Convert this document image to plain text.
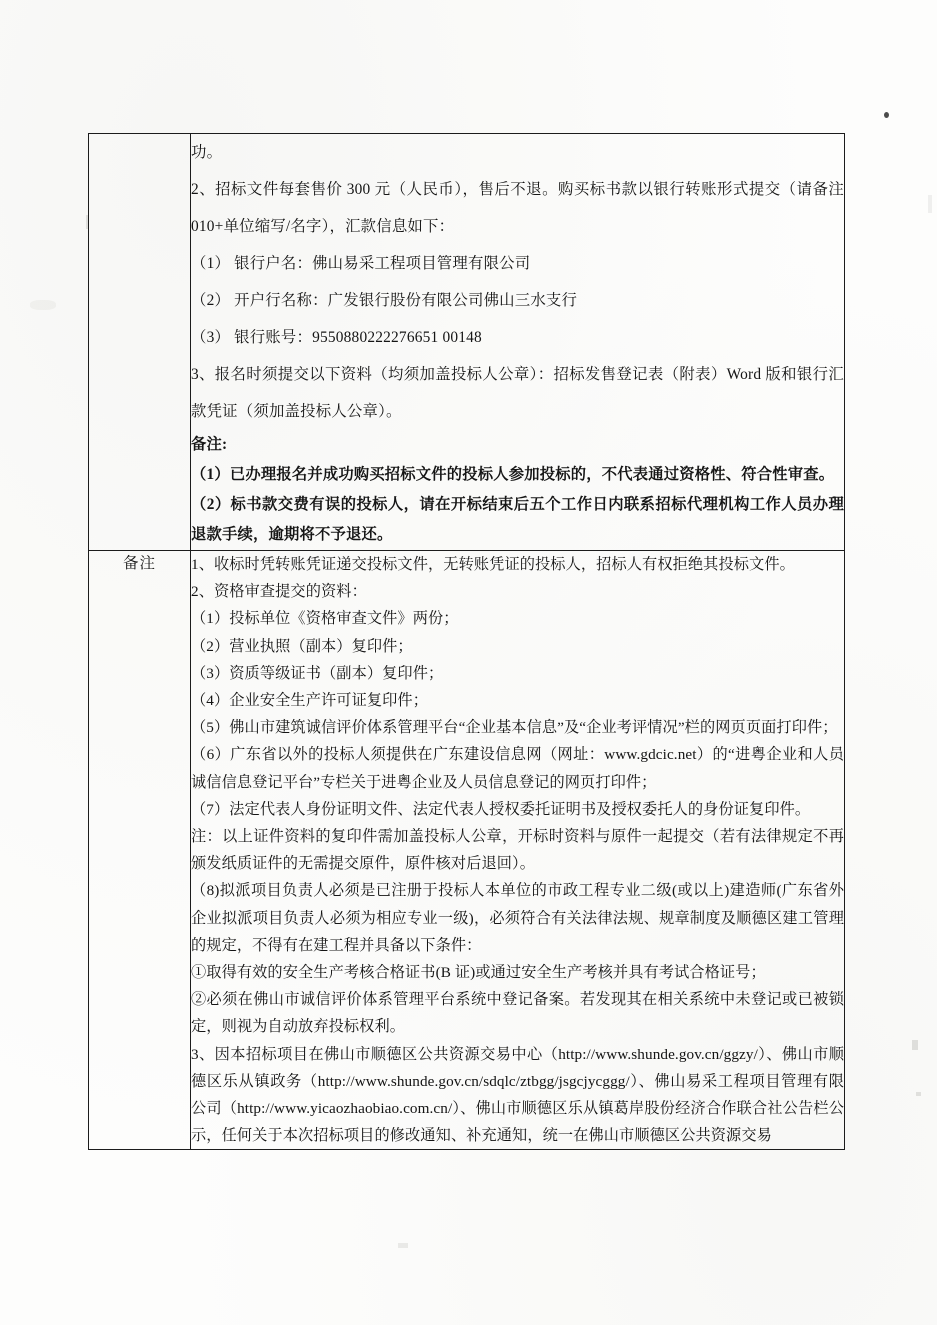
功。

2、招标文件每套售价 300 元（人民币），售后不退。购买标书款以银行转账形式提交（请备注 010+单位缩写/名字），汇款信息如下：

（1） 银行户名：佛山易采工程项目管理有限公司

（2） 开户行名称：广发银行股份有限公司佛山三水支行

（3） 银行账号：9550880222276651 00148

3、报名时须提交以下资料（均须加盖投标人公章）：招标发售登记表（附表）Word 版和银行汇款凭证（须加盖投标人公章）。

备注:

（1）已办理报名并成功购买招标文件的投标人参加投标的，不代表通过资格性、符合性审查。

（2）标书款交费有误的投标人，请在开标结束后五个工作日内联系招标代理机构工作人员办理退款手续，逾期将不予退还。

备注	1、收标时凭转账凭证递交投标文件，无转账凭证的投标人，招标人有权拒绝其投标文件。

2、资格审查提交的资料：

（1）投标单位《资格审查文件》两份；

（2）营业执照（副本）复印件；

（3）资质等级证书（副本）复印件；

（4）企业安全生产许可证复印件；

（5）佛山市建筑诚信评价体系管理平台“企业基本信息”及“企业考评情况”栏的网页页面打印件；

（6）广东省以外的投标人须提供在广东建设信息网（网址：www.gdcic.net）的“进粤企业和人员诚信信息登记平台”专栏关于进粤企业及人员信息登记的网页打印件；

（7）法定代表人身份证明文件、法定代表人授权委托证明书及授权委托人的身份证复印件。

注：以上证件资料的复印件需加盖投标人公章，开标时资料与原件一起提交（若有法律规定不再颁发纸质证件的无需提交原件，原件核对后退回）。

（8)拟派项目负责人必须是已注册于投标人本单位的市政工程专业二级(或以上)建造师(广东省外企业拟派项目负责人必须为相应专业一级)，必须符合有关法律法规、规章制度及顺德区建工管理的规定，不得有在建工程并具备以下条件：

①取得有效的安全生产考核合格证书(B 证)或通过安全生产考核并具有考试合格证号；

②必须在佛山市诚信评价体系管理平台系统中登记备案。若发现其在相关系统中未登记或已被锁定，则视为自动放弃投标权利。

3、因本招标项目在佛山市顺德区公共资源交易中心（http://www.shunde.gov.cn/ggzy/）、佛山市顺德区乐从镇政务（http://www.shunde.gov.cn/sdqlc/ztbgg/jsgcjycggg/）、佛山易采工程项目管理有限公司（http://www.yicaozhaobiao.com.cn/）、佛山市顺德区乐从镇葛岸股份经济合作联合社公告栏公示，任何关于本次招标项目的修改通知、补充通知，统一在佛山市顺德区公共资源交易
